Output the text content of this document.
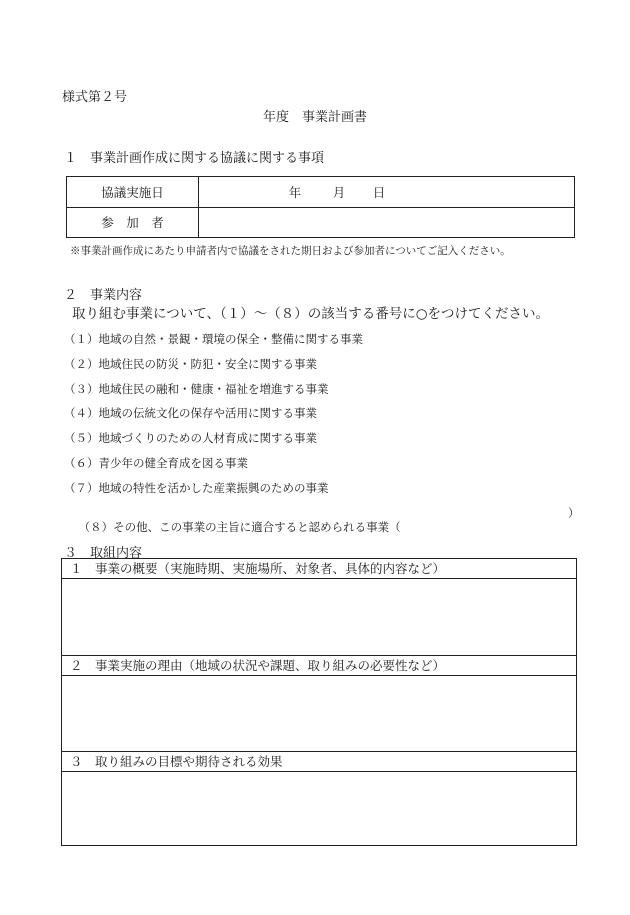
様式第２号
年度　事業計画書
１　事業計画作成に関する協議に関する事項
協議実施日	年	月 日

参　加　者
※事業計画作成にあたり申請者内で協議をされた期日および参加者についてご記入ください。
２　事業内容
取り組む事業について、（１）～（８）の該当する番号に○をつけてください。
（１）地域の自然・景観・環境の保全・整備に関する事業
（２）地域住民の防災・防犯・安全に関する事業
（３）地域住民の融和・健康・福祉を増進する事業
（４）地域の伝統文化の保存や活用に関する事業
（５）地域づくりのための人材育成に関する事業
（６）青少年の健全育成を図る事業
（７）地域の特性を活かした産業振興のための事業

（８）その他、この事業の主旨に適合すると認められる事業（

）

３　取組内容
１　事業の概要（実施時期、実施場所、対象者、具体的内容など）
２　事業実施の理由（地域の状況や課題、取り組みの必要性など）
３　取り組みの目標や期待される効果
